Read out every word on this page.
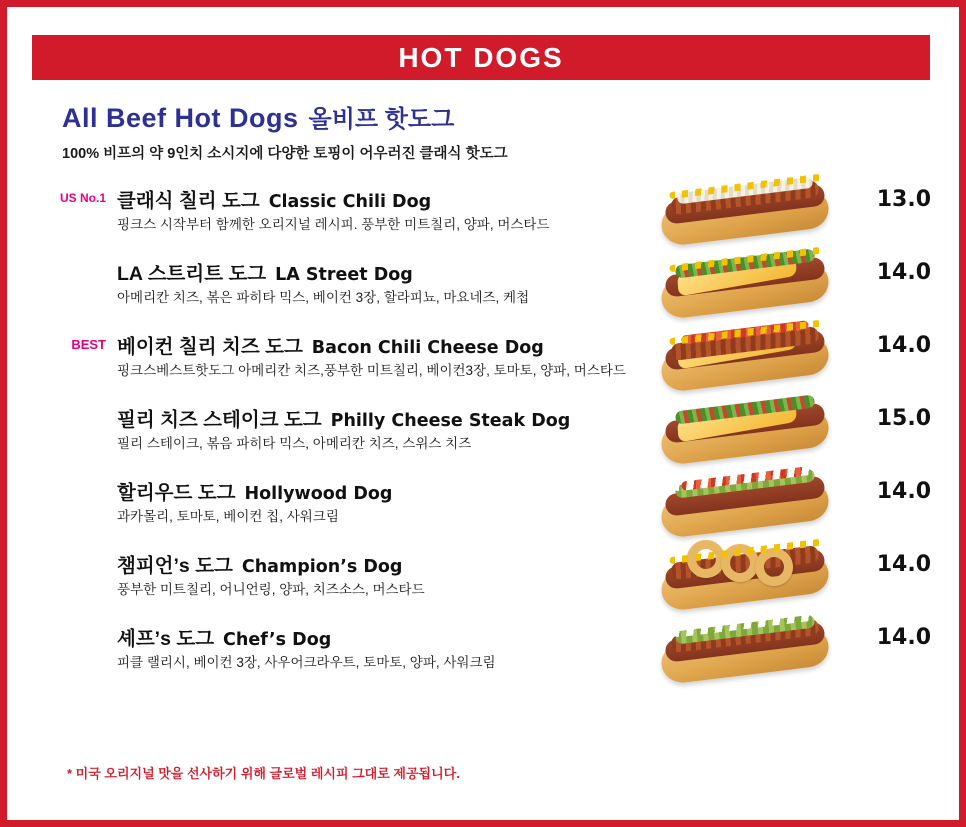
HOT DOGS
All Beef Hot Dogs 올비프 핫도그
100% 비프의 약 9인치 소시지에 다양한 토핑이 어우러진 클래식 핫도그
US No.1 클래식 칠리 도그 Classic Chili Dog
핑크스 시작부터 함께한 오리지널 레시피. 풍부한 미트칠리, 양파, 머스타드
13.0
LA 스트리트 도그 LA Street Dog
아메리칸 치즈, 볶은 파히타 믹스, 베이컨 3장, 할라피뇨, 마요네즈, 케첩
14.0
BEST 베이컨 칠리 치즈 도그 Bacon Chili Cheese Dog
핑크스베스트핫도그 아메리칸 치즈,풍부한 미트칠리, 베이컨3장, 토마토, 양파, 머스타드
14.0
필리 치즈 스테이크 도그 Philly Cheese Steak Dog
필리 스테이크, 볶음 파히타 믹스, 아메리칸 치즈, 스위스 치즈
15.0
할리우드 도그 Hollywood Dog
과카몰리, 토마토, 베이컨 칩, 사워크림
14.0
챔피언’s 도그 Champion’s Dog
풍부한 미트칠리, 어니언링, 양파, 치즈소스, 머스타드
14.0
셰프’s 도그 Chef’s Dog
피클 랠리시, 베이컨 3장, 사우어크라우트, 토마토, 양파, 사워크림
14.0
* 미국 오리지널 맛을 선사하기 위해 글로벌 레시피 그대로 제공됩니다.
